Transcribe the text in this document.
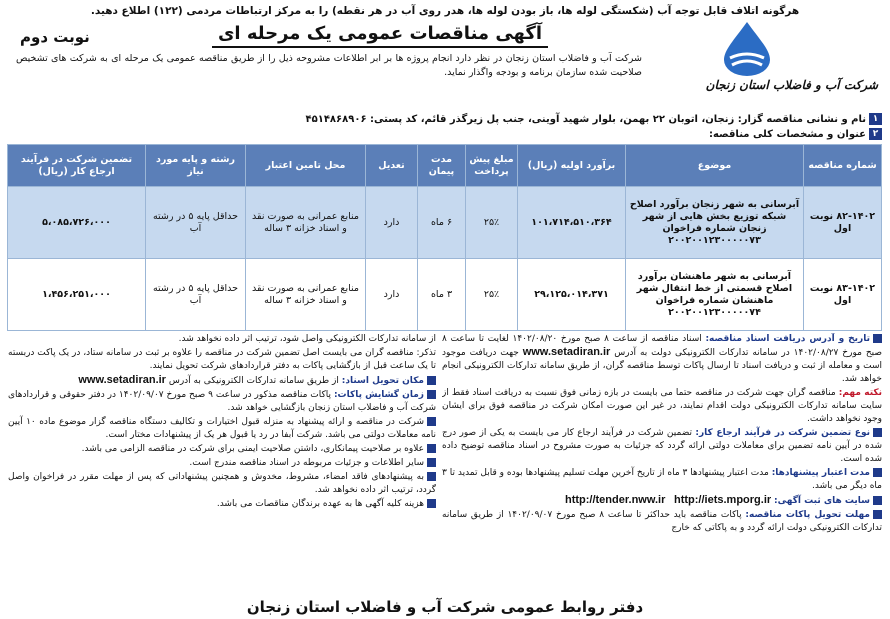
هرگونه اتلاف قابل توجه آب (شکستگی لوله ها، باز بودن لوله ها، هدر روی آب در هر نقطه) را به مرکز ارتباطات مردمی (۱۲۲) اطلاع دهید.
شرکت آب و فاضلاب استان زنجان
آگهی مناقصات عمومی یک مرحله ای
نوبت دوم
شرکت آب و فاضلاب استان زنجان در نظر دارد انجام پروژه ها بر ابر اطلاعات مشروحه ذیل را از طریق مناقصه عمومی یک مرحله ای به شرکت های تشخیص صلاحیت شده سازمان برنامه و بودجه واگذار نماید.
۱نام و نشانی مناقصه گزار: زنجان، اتوبان ۲۲ بهمن، بلوار شهید آوینی، جنب پل زیرگذر قائم، کد پستی: ۴۵۱۴۸۶۸۹۰۶
۲عنوان و مشخصات کلی مناقصه:
شماره مناقصه	موضوع	برآورد اولیه (ریال)	مبلغ پیش پرداخت	مدت پیمان	تعدیل	محل تامین اعتبار	رشته و پایه مورد نیاز	تضمین شرکت در فرآیند ارجاع کار (ریال)
۸۲-۱۴۰۲ نوبت اول	آبرسانی به شهر زنجان برآورد اصلاح شبکه توزیع بخش هایی از شهر زنجان شماره فراخوان ۲۰۰۲۰۰۱۲۳۰۰۰۰۰۷۳	۱۰۱،۷۱۴،۵۱۰،۳۶۴	۲۵٪	۶ ماه	دارد	منابع عمرانی به صورت نقد و اسناد خزانه ۳ ساله	حداقل پایه ۵ در رشته آب	۵،۰۸۵،۷۲۶،۰۰۰
۸۳-۱۴۰۲ نوبت اول	آبرسانی به شهر ماهنشان برآورد اصلاح قسمتی از خط انتقال شهر ماهنشان شماره فراخوان ۲۰۰۲۰۰۱۲۳۰۰۰۰۰۷۴	۲۹،۱۲۵،۰۱۴،۳۷۱	۲۵٪	۳ ماه	دارد	منابع عمرانی به صورت نقد و اسناد خزانه ۳ ساله	حداقل پایه ۵ در رشته آب	۱،۴۵۶،۲۵۱،۰۰۰
تاریخ و آدرس دریافت اسناد مناقصه: اسناد مناقصه از ساعت ۸ صبح مورخ ۱۴۰۲/۰۸/۲۰ لغایت تا ساعت ۸ صبح مورخ ۱۴۰۲/۰۸/۲۷ در سامانه تدارکات الکترونیکی دولت به آدرس www.setadiran.ir جهت دریافت موجود است و معامله از ثبت و دریافت اسناد تا ارسال پاکات توسط مناقصه گران، از طریق سامانه تدارکات الکترونیکی انجام خواهد شد.
نکته مهم: مناقصه گران جهت شرکت در مناقصه حتما می بایست در بازه زمانی فوق نسبت به دریافت اسناد فقط از سایت سامانه تدارکات الکترونیکی دولت اقدام نمایند، در غیر این صورت امکان شرکت در مناقصه فوق برای ایشان وجود نخواهد داشت.
نوع تضمین شرکت در فرآیند ارجاع کار: تضمین شرکت در فرآیند ارجاع کار می بایست به یکی از صور درج شده در آیین نامه تضمین برای معاملات دولتی ارائه گردد که جزئیات به صورت مشروح در اسناد مناقصه توضیح داده شده است.
مدت اعتبار پیشنهادها: مدت اعتبار پیشنهادها ۳ ماه از تاریخ آخرین مهلت تسلیم پیشنهادها بوده و قابل تمدید تا ۳ ماه دیگر می باشد.
سایت های ثبت آگهی: http://tender.nww.ir http://iets.mporg.ir
مهلت تحویل پاکات مناقصه: پاکات مناقصه باید حداکثر تا ساعت ۸ صبح مورخ ۱۴۰۲/۰۹/۰۷ از طریق سامانه تدارکات الکترونیکی دولت ارائه گردد و به پاکاتی که خارج
از سامانه تدارکات الکترونیکی واصل شود، ترتیب اثر داده نخواهد شد.
تذکر: مناقصه گران می بایست اصل تضمین شرکت در مناقصه را علاوه بر ثبت در سامانه ستاد، در یک پاکت دربسته تا یک ساعت قبل از بازگشایی پاکات به دفتر قراردادهای شرکت تحویل نمایند.
مکان تحویل اسناد: از طریق سامانه تدارکات الکترونیکی به آدرس www.setadiran.ir
زمان گشایش پاکات: پاکات مناقصه مذکور در ساعت ۹ صبح مورخ ۱۴۰۲/۰۹/۰۷ در دفتر حقوقی و قراردادهای شرکت آب و فاضلاب استان زنجان بازگشایی خواهد شد.
شرکت در مناقصه و ارائه پیشنهاد به منزله قبول اختیارات و تکالیف دستگاه مناقصه گزار موضوع ماده ۱۰ آیین نامه معاملات دولتی می باشد. شرکت آبفا در رد یا قبول هر یک از پیشنهادات مختار است.
علاوه بر صلاحیت پیمانکاری، داشتن صلاحیت ایمنی برای شرکت در مناقصه الزامی می باشد.
سایر اطلاعات و جزئیات مربوطه در اسناد مناقصه مندرج است.
به پیشنهادهای فاقد امضاء، مشروط، مخدوش و همچنین پیشنهاداتی که پس از مهلت مقرر در فراخوان واصل گردد، ترتیب اثر داده نخواهد شد.
هزینه کلیه آگهی ها به عهده برندگان مناقصات می باشد.
دفتر روابط عمومی شرکت آب و فاضلاب استان زنجان
